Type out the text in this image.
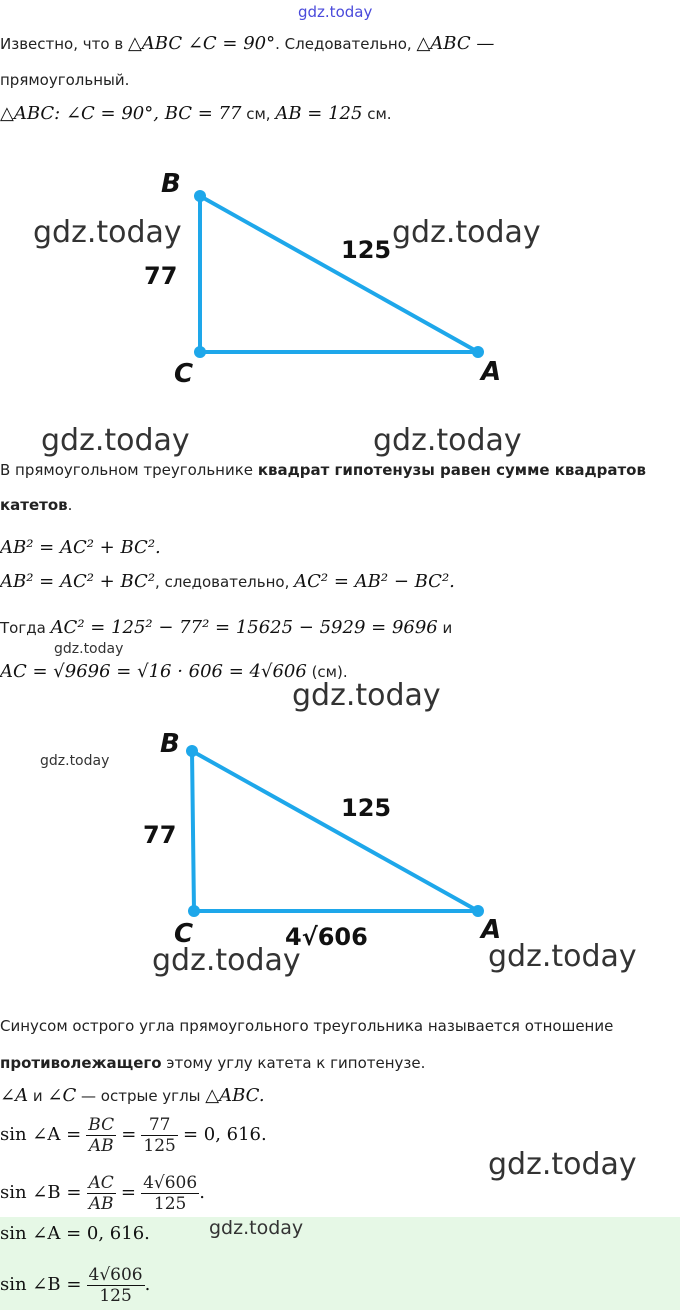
gdz.today
Известно, что в △ABC ∠C = 90°. Следовательно, △ABC —
прямоугольный.
△ABC: ∠C = 90°, BC = 77 см, AB = 125 см.
B
C	A
77
125
gdz.today	gdz.today
gdz.today	gdz.today
В прямоугольном треугольнике квадрат гипотенузы равен сумме квадратов
катетов.
AB² = AC² + BC².
AB² = AC² + BC², следовательно, AC² = AB² − BC².
Тогда AC² = 125² − 77² = 15625 − 5929 = 9696 и
gdz.today
AC = √9696 = √16 · 606 = 4√606 (см).
gdz.today
B
C	A
77
125
4√606
gdz.today
gdz.today	gdz.today
Синусом острого угла прямоугольного треугольника называется отношение
противолежащего этому углу катета к гипотенузе.
∠A и ∠C — острые углы △ABC.
sin ∠A = $\frac{BC}{AB} = \frac{77}{125} = 0$, 616.
gdz.today
sin ∠B = $\frac{AC}{AB} = \frac{4√606}{125}$ .
sin ∠A = 0, 616.	gdz.today
sin ∠B = $\frac{4√606}{125}$ .
